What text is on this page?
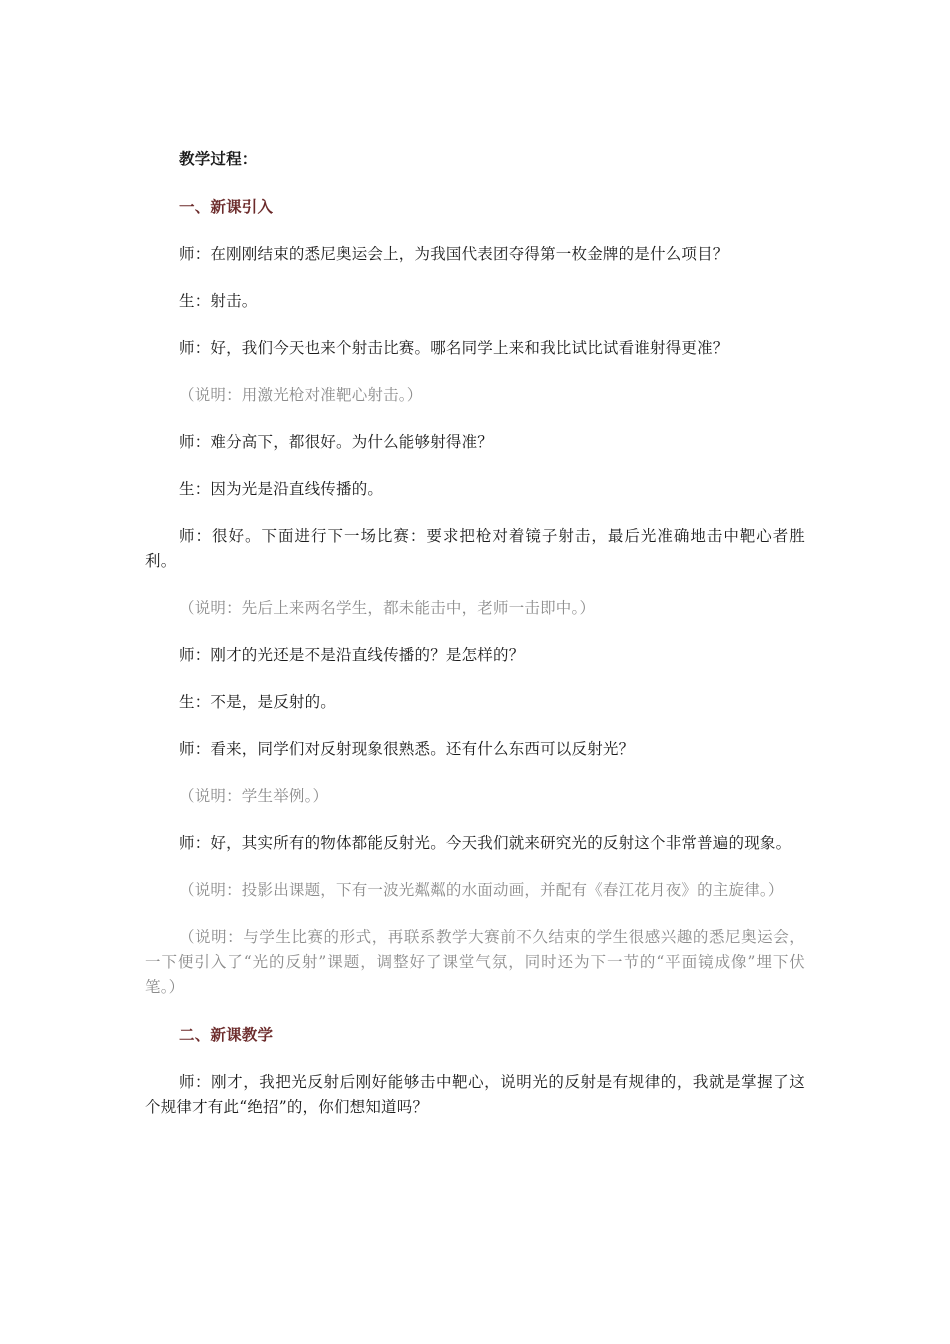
教学过程：

一、新课引入

师：在刚刚结束的悉尼奥运会上，为我国代表团夺得第一枚金牌的是什么项目？

生：射击。

师：好，我们今天也来个射击比赛。哪名同学上来和我比试比试看谁射得更准？

（说明：用激光枪对准靶心射击。）

师：难分高下，都很好。为什么能够射得准？

生：因为光是沿直线传播的。

师：很好。下面进行下一场比赛：要求把枪对着镜子射击，最后光准确地击中靶心者胜利。

（说明：先后上来两名学生，都未能击中，老师一击即中。）

师：刚才的光还是不是沿直线传播的？是怎样的？

生：不是，是反射的。

师：看来，同学们对反射现象很熟悉。还有什么东西可以反射光？

（说明：学生举例。）

师：好，其实所有的物体都能反射光。今天我们就来研究光的反射这个非常普遍的现象。

（说明：投影出课题，下有一波光粼粼的水面动画，并配有《春江花月夜》的主旋律。）

（说明：与学生比赛的形式，再联系教学大赛前不久结束的学生很感兴趣的悉尼奥运会，一下便引入了“光的反射”课题，调整好了课堂气氛，同时还为下一节的“平面镜成像”埋下伏笔。）

二、新课教学

师：刚才，我把光反射后刚好能够击中靶心，说明光的反射是有规律的，我就是掌握了这个规律才有此“绝招”的，你们想知道吗？
